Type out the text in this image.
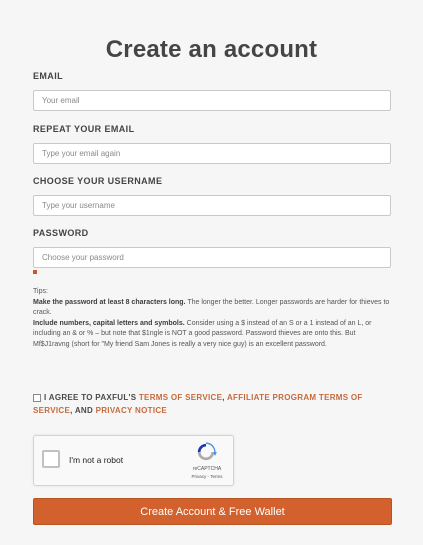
Create an account
EMAIL
Your email
REPEAT YOUR EMAIL
Type your email again
CHOOSE YOUR USERNAME
Type your username
PASSWORD
Tips:
Make the password at least 8 characters long. The longer the better. Longer passwords are harder for thieves to crack.
Include numbers, capital letters and symbols. Consider using a $ instead of an S or a 1 instead of an L, or including an & or % – but note that $1ngle is NOT a good password. Password thieves are onto this. But Mf$J1ravng (short for "My friend Sam Jones is really a very nice guy) is an excellent password.
I AGREE TO PAXFUL'S TERMS OF SERVICE, AFFILIATE PROGRAM TERMS OF SERVICE, AND PRIVACY NOTICE
I'm not a robot
reCAPTCHA
Privacy - Terms
Create Account & Free Wallet
